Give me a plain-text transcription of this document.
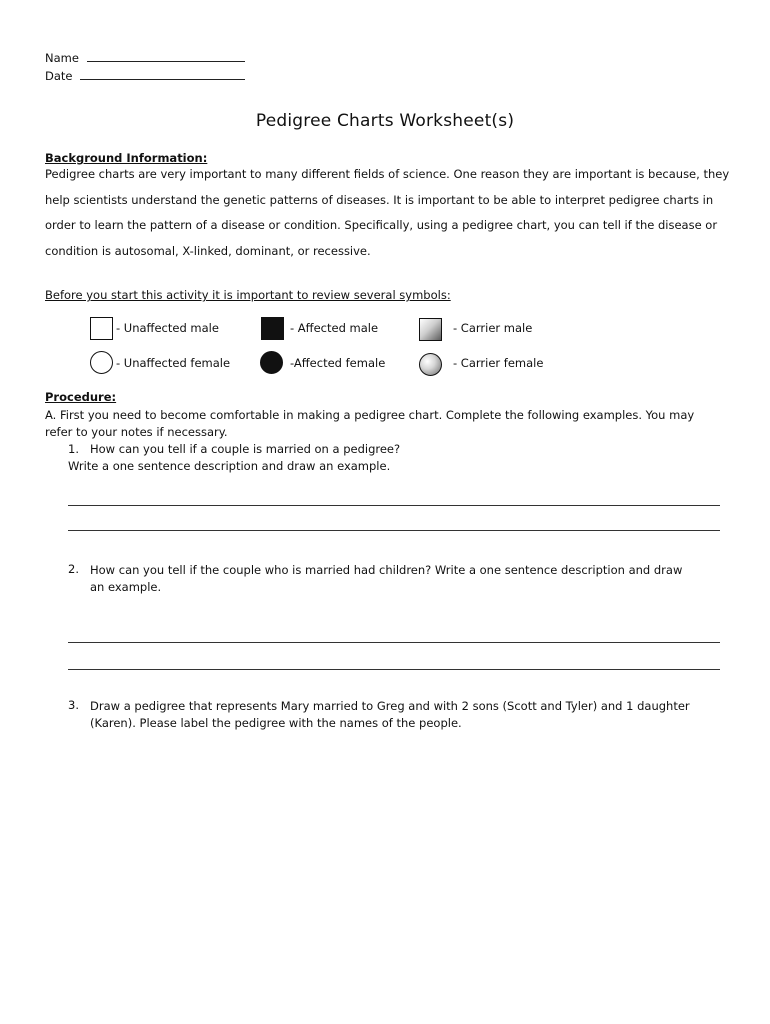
Name
Date
Pedigree Charts Worksheet(s)
Background Information:
Pedigree charts are very important to many different fields of science. One reason they are important is because, they help scientists understand the genetic patterns of diseases. It is important to be able to interpret pedigree charts in order to learn the pattern of a disease or condition. Specifically, using a pedigree chart, you can tell if the disease or condition is autosomal, X-linked, dominant, or recessive.
Before you start this activity it is important to review several symbols:
- Unaffected male	- Affected male	- Carrier male
- Unaffected female	-Affected female	- Carrier female
Procedure:
A. First you need to become comfortable in making a pedigree chart. Complete the following examples. You may refer to your notes if necessary.
1. How can you tell if a couple is married on a pedigree?
Write a one sentence description and draw an example.
2. How can you tell if the couple who is married had children? Write a one sentence description and draw an example.
3. Draw a pedigree that represents Mary married to Greg and with 2 sons (Scott and Tyler) and 1 daughter (Karen). Please label the pedigree with the names of the people.
